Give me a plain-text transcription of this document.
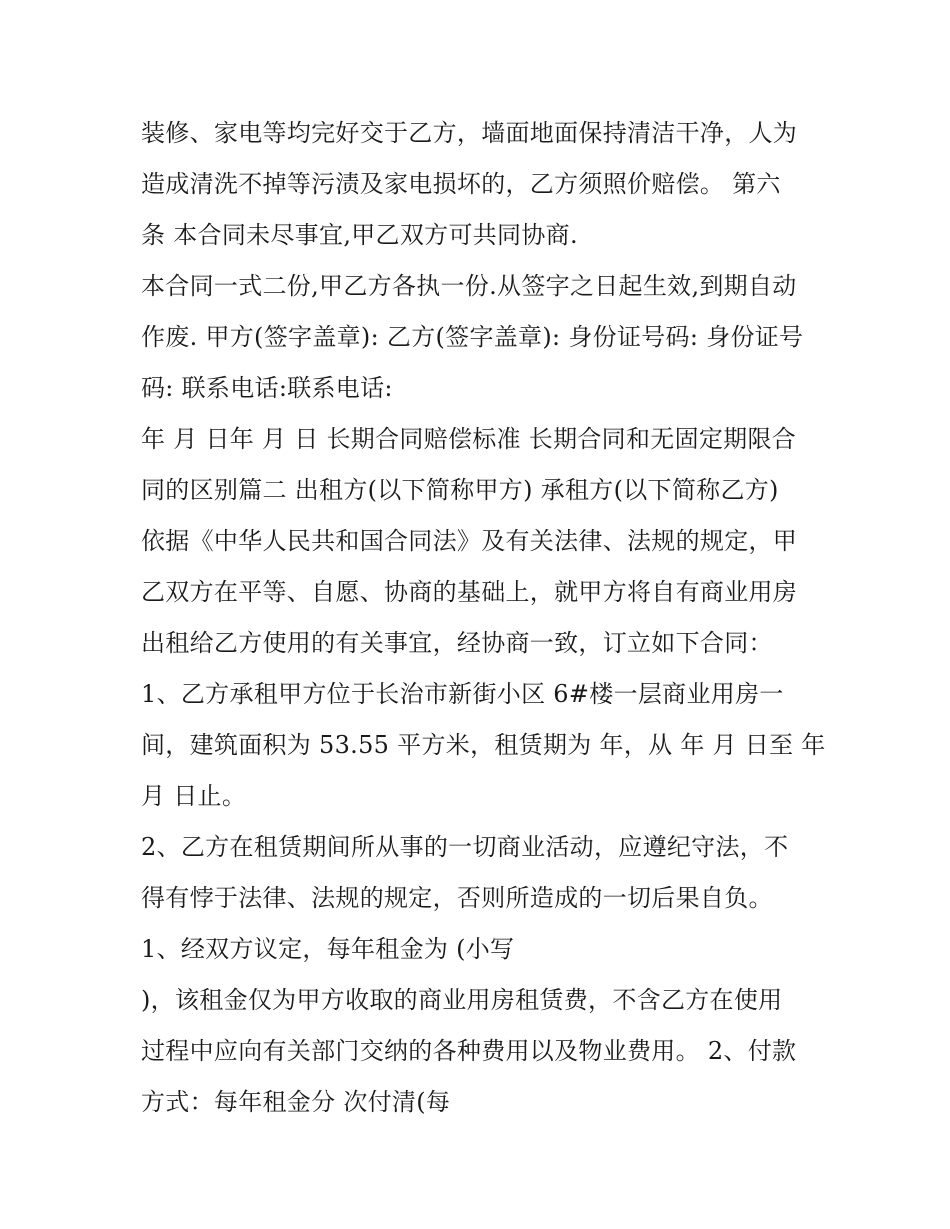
装修、家电等均完好交于乙方，墙面地面保持清洁干净，人为
造成清洗不掉等污渍及家电损坏的，乙方须照价赔偿。 第六
条 本合同未尽事宜,甲乙双方可共同协商.
本合同一式二份,甲乙方各执一份.从签字之日起生效,到期自动
作废. 甲方(签字盖章): 乙方(签字盖章): 身份证号码: 身份证号
码: 联系电话:联系电话:
年 月 日年 月 日 长期合同赔偿标准 长期合同和无固定期限合
同的区别篇二 出租方(以下简称甲方) 承租方(以下简称乙方)
依据《中华人民共和国合同法》及有关法律、法规的规定，甲
乙双方在平等、自愿、协商的基础上，就甲方将自有商业用房
出租给乙方使用的有关事宜，经协商一致，订立如下合同：
1、乙方承租甲方位于长治市新街小区 6#楼一层商业用房一
间，建筑面积为 53.55 平方米，租赁期为 年，从 年 月 日至 年
月 日止。
2、乙方在租赁期间所从事的一切商业活动，应遵纪守法，不
得有悖于法律、法规的规定，否则所造成的一切后果自负。
1、经双方议定，每年租金为 (小写
)，该租金仅为甲方收取的商业用房租赁费，不含乙方在使用
过程中应向有关部门交纳的各种费用以及物业费用。 2、付款
方式：每年租金分 次付清(每
